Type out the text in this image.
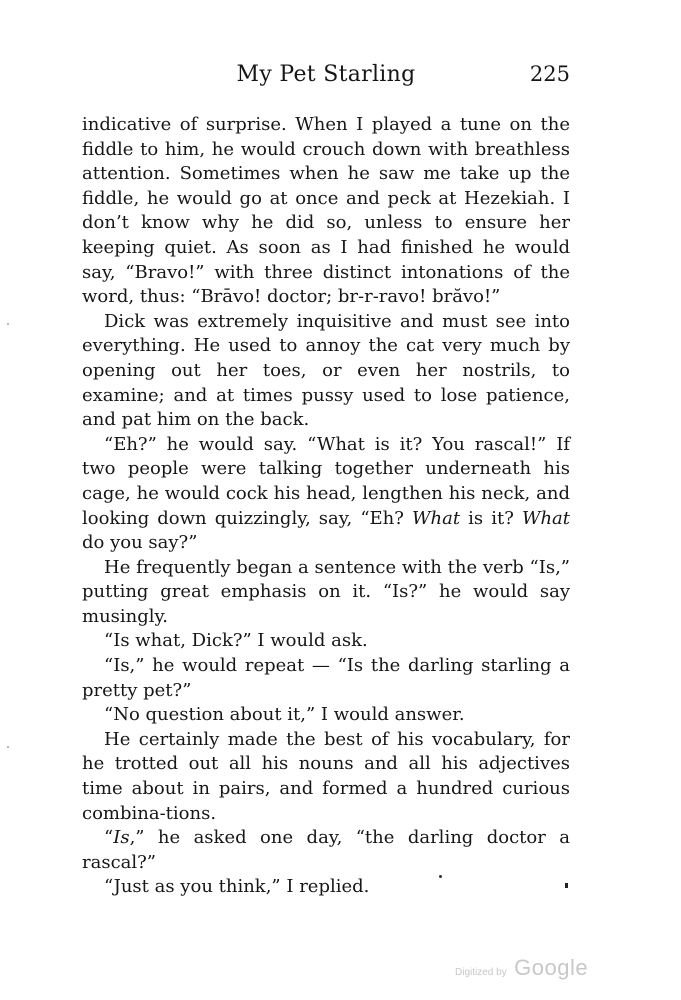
My Pet Starling	225

indicative of surprise. When I played a tune on the fiddle to him, he would crouch down with breathless attention. Sometimes when he saw me take up the fiddle, he would go at once and peck at Hezekiah. I don’t know why he did so, unless to ensure her keeping quiet. As soon as I had finished he would say, “Bravo!” with three distinct intonations of the word, thus: “Brāvo! doctor; br-r-ravo! brăvo!”

Dick was extremely inquisitive and must see into everything. He used to annoy the cat very much by opening out her toes, or even her nostrils, to examine; and at times pussy used to lose patience, and pat him on the back.

“Eh?” he would say. “What is it? You rascal!” If two people were talking together underneath his cage, he would cock his head, lengthen his neck, and looking down quizzingly, say, “Eh? What is it? What do you say?”

He frequently began a sentence with the verb “Is,” putting great emphasis on it. “Is?” he would say musingly.

“Is what, Dick?” I would ask.

“Is,” he would repeat — “Is the darling starling a pretty pet?”

“No question about it,” I would answer.

He certainly made the best of his vocabulary, for he trotted out all his nouns and all his adjectives time about in pairs, and formed a hundred curious combina-tions.

“Is,” he asked one day, “the darling doctor a rascal?”

“Just as you think,” I replied.

Digitized by Google
